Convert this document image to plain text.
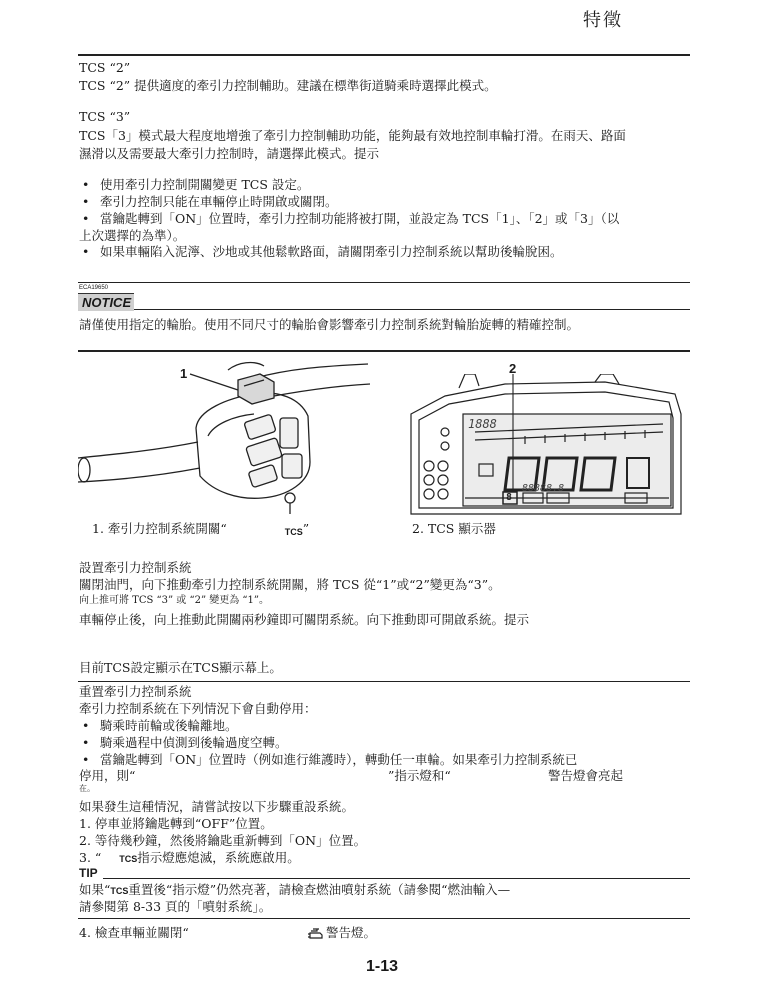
特徵
TCS “2”
TCS “2” 提供適度的牽引力控制輔助。建議在標準街道騎乘時選擇此模式。
TCS “3”
TCS「3」模式最大程度地增強了牽引力控制輔助功能，能夠最有效地控制車輪打滑。在雨天、路面
濕滑以及需要最大牽引力控制時，請選擇此模式。提示
• 使用牽引力控制開關變更 TCS 設定。
• 牽引力控制只能在車輛停止時開啟或關閉。
• 當鑰匙轉到「ON」位置時，牽引力控制功能將被打開，並設定為 TCS「1」、「2」或「3」（以
上次選擇的為準）。
• 如果車輛陷入泥濘、沙地或其他鬆軟路面，請關閉牽引力控制系統以幫助後輪脫困。
ECA19650
NOTICE
請僅使用指定的輪胎。使用不同尺寸的輪胎會影響牽引力控制系統對輪胎旋轉的精確控制。
1	2
1888
88888.8
8
1. 牽引力控制系統開關“	TCS”	2. TCS 顯示器
設置牽引力控制系統
關閉油門，向下推動牽引力控制系統開關，將 TCS 從“1”或“2”變更為“3”。
向上推可將 TCS “3” 或 “2” 變更為 “1”。
車輛停止後，向上推動此開關兩秒鐘即可關閉系統。向下推動即可開啟系統。提示
目前TCS設定顯示在TCS顯示幕上。
重置牽引力控制系統
牽引力控制系統在下列情況下會自動停用：
• 騎乘時前輪或後輪離地。
• 騎乘過程中偵測到後輪過度空轉。
• 當鑰匙轉到「ON」位置時（例如進行維護時），轉動任一車輪。如果牽引力控制系統已
停用，則“	”指示燈和“	警告燈會亮起
在。
如果發生這種情況，請嘗試按以下步驟重設系統。
1. 停車並將鑰匙轉到“OFF”位置。
2. 等待幾秒鐘，然後將鑰匙重新轉到「ON」位置。
3. “ TCS指示燈應熄滅，系統應啟用。
TIP
如果“TCS重置後“指示燈”仍然亮著，請檢查燃油噴射系統（請參閱“燃油輸入—
請參閱第 8-33 頁的「噴射系統」。
4. 檢查車輛並關閉“	警告燈。
1-13
